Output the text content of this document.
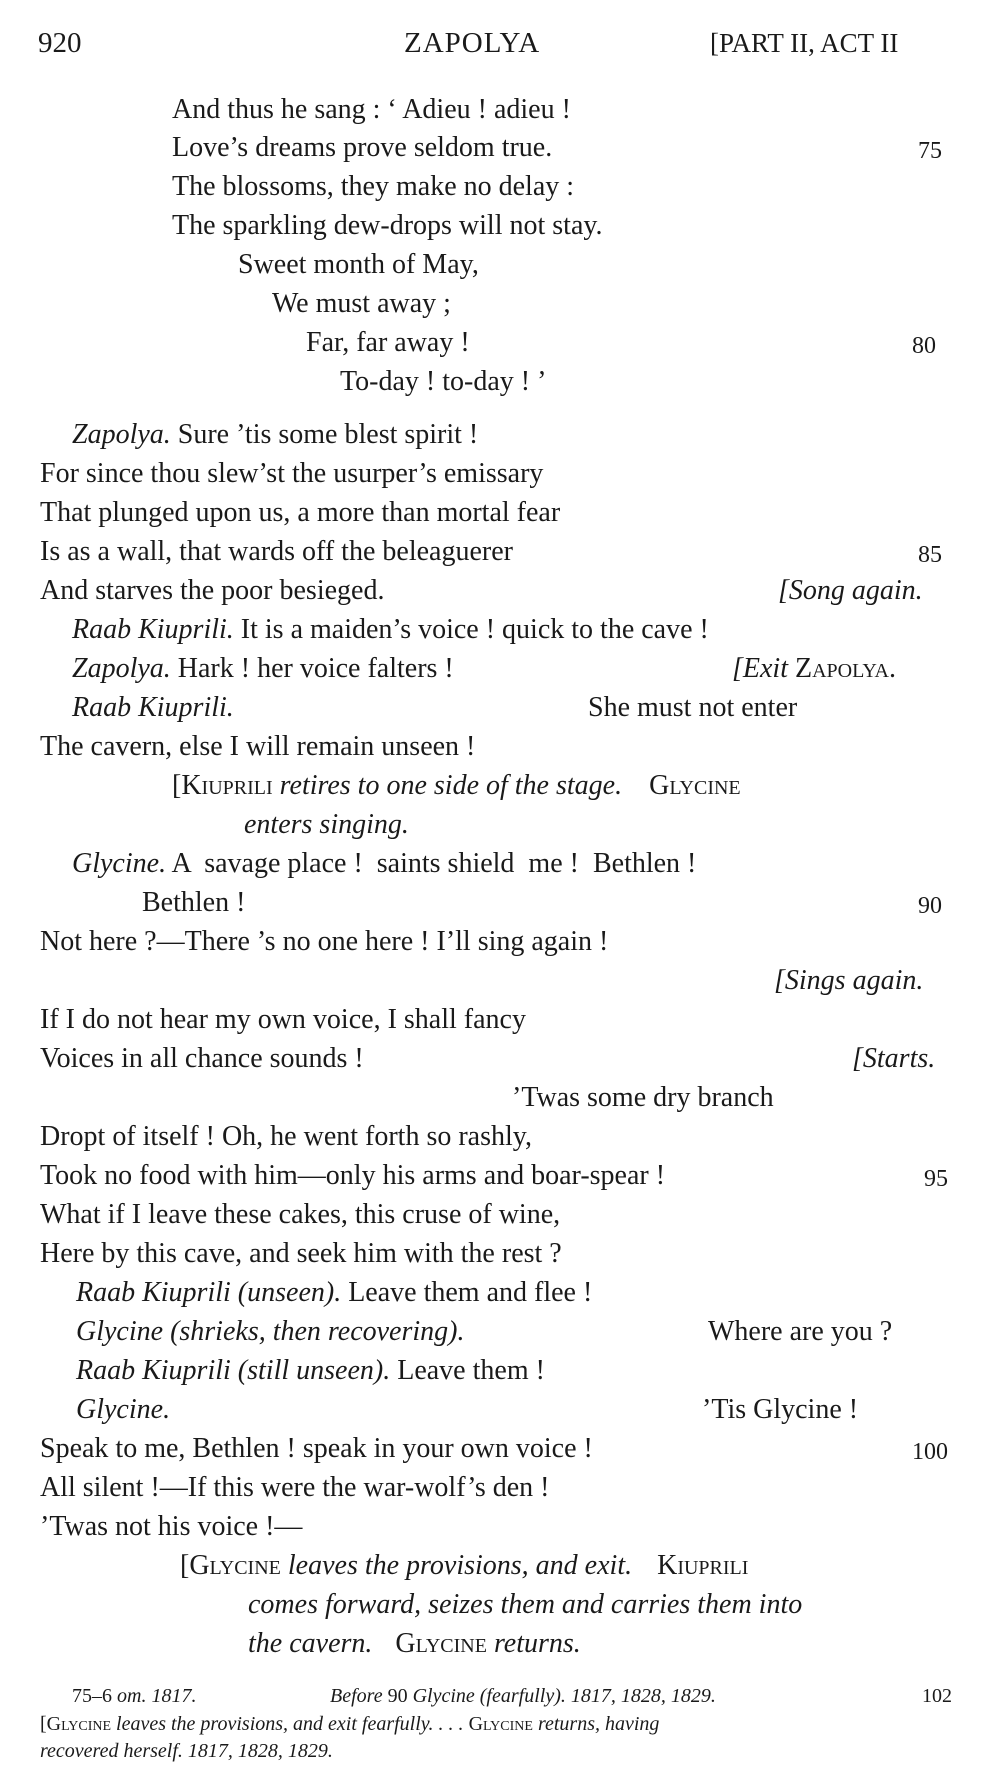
920	ZAPOLYA	[PART II, ACT II
And thus he sang : ‘ Adieu ! adieu !
Love’s dreams prove seldom true.	75
The blossoms, they make no delay :
The sparkling dew-drops will not stay.
Sweet month of May,
We must away ;
Far, far away !	80
To-day ! to-day ! ’
Zapolya. Sure ’tis some blest spirit !
For since thou slew’st the usurper’s emissary
That plunged upon us, a more than mortal fear
Is as a wall, that wards off the beleaguerer	85
And starves the poor besieged.	[Song again.
Raab Kiuprili. It is a maiden’s voice ! quick to the cave !
Zapolya. Hark ! her voice falters !	[Exit Zapolya.
Raab Kiuprili.	She must not enter
The cavern, else I will remain unseen !
[Kiuprili retires to one side of the stage. Glycine
enters singing.
Glycine. A  savage place !  saints shield  me !  Bethlen !
Bethlen !	90
Not here ?—There ’s no one here ! I’ll sing again !
[Sings again.
If I do not hear my own voice, I shall fancy
Voices in all chance sounds !	[Starts.
’Twas some dry branch
Dropt of itself ! Oh, he went forth so rashly,
Took no food with him—only his arms and boar-spear !	95
What if I leave these cakes, this cruse of wine,
Here by this cave, and seek him with the rest ?
Raab Kiuprili (unseen). Leave them and flee !
Glycine (shrieks, then recovering).	Where are you ?
Raab Kiuprili (still unseen). Leave them !
Glycine.	’Tis Glycine !
Speak to me, Bethlen ! speak in your own voice !	100
All silent !—If this were the war-wolf’s den !
’Twas not his voice !—
[Glycine leaves the provisions, and exit. Kiuprili
comes forward, seizes them and carries them into
the cavern. Glycine returns.
75–6 om. 1817.	Before 90 Glycine (fearfully). 1817, 1828, 1829.	102
[Glycine leaves the provisions, and exit fearfully. . . . Glycine returns, having
recovered herself. 1817, 1828, 1829.
